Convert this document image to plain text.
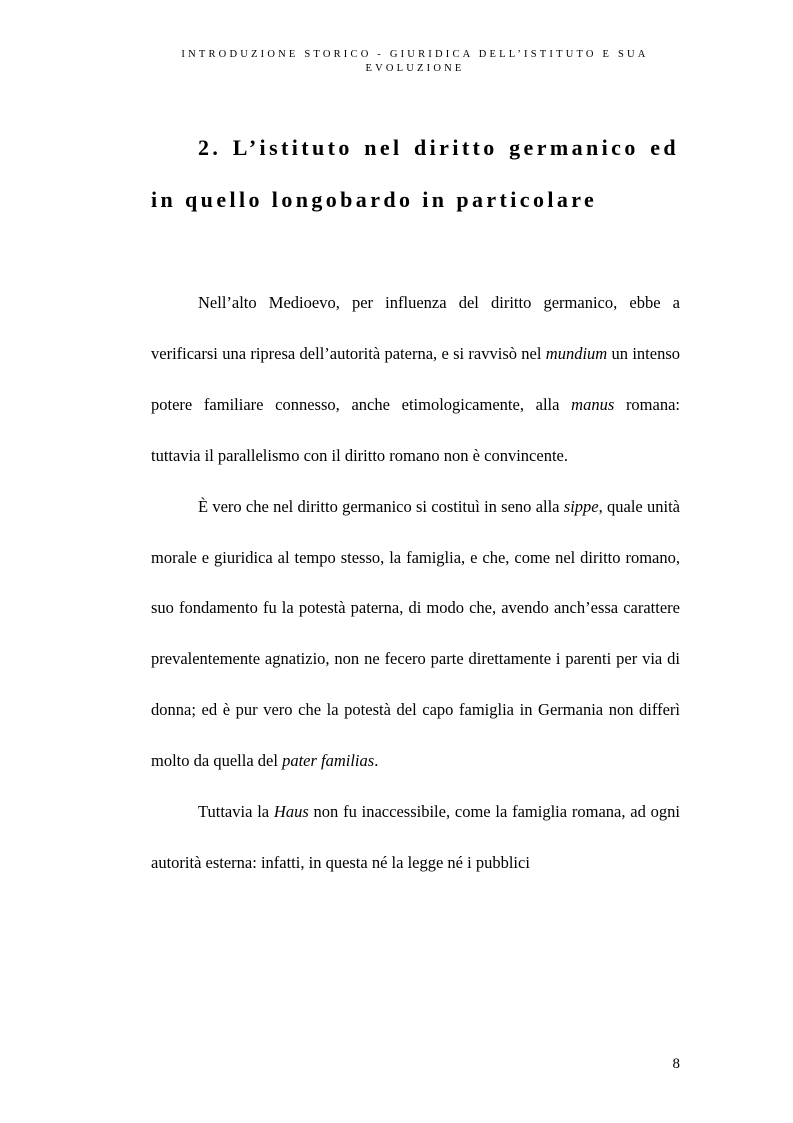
INTRODUZIONE STORICO - GIURIDICA DELL’ISTITUTO E SUA EVOLUZIONE
2. L’istituto nel diritto germanico ed in quello longobardo in particolare

Nell’alto Medioevo, per influenza del diritto germanico, ebbe a verificarsi una ripresa dell’autorità paterna, e si ravvisò nel mundium un intenso potere familiare connesso, anche etimologicamente, alla manus romana: tuttavia il parallelismo con il diritto romano non è convincente.

È vero che nel diritto germanico si costituì in seno alla sippe, quale unità morale e giuridica al tempo stesso, la famiglia, e che, come nel diritto romano, suo fondamento fu la potestà paterna, di modo che, avendo anch’essa carattere prevalentemente agnatizio, non ne fecero parte direttamente i parenti per via di donna; ed è pur vero che la potestà del capo famiglia in Germania non differì molto da quella del pater familias.

Tuttavia la Haus non fu inaccessibile, come la famiglia romana, ad ogni autorità esterna: infatti, in questa né la legge né i pubblici

8
